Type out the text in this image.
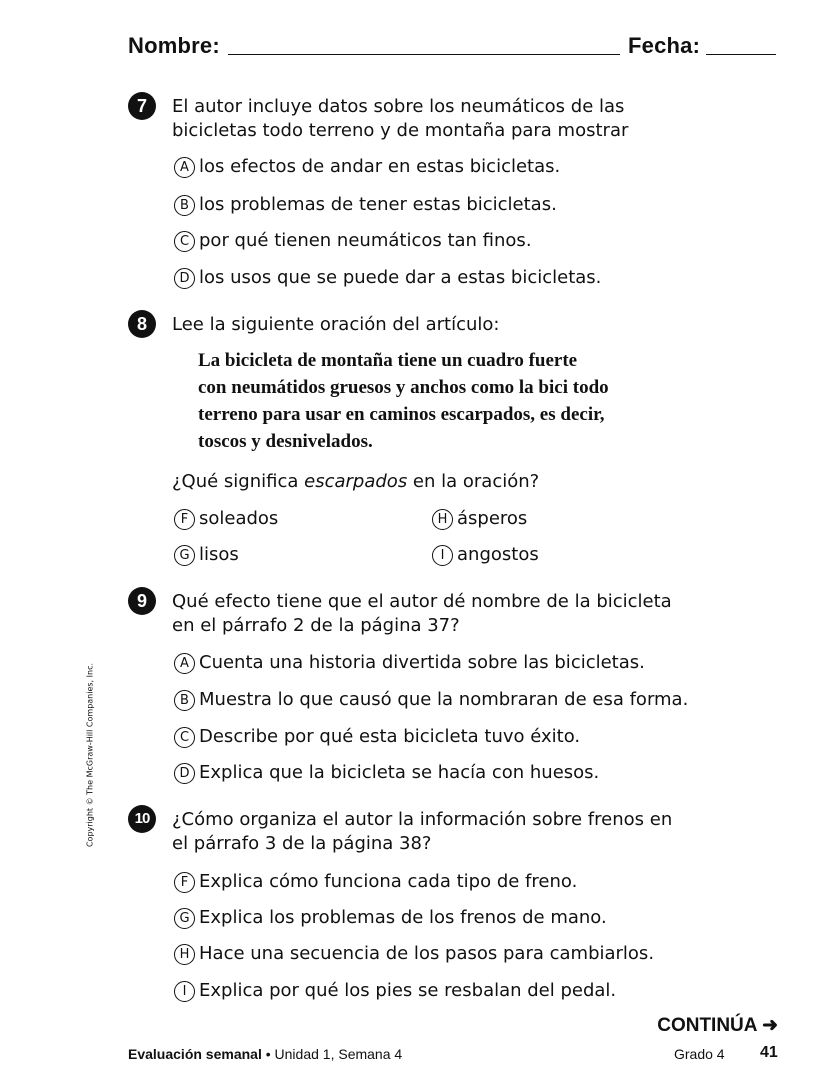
Nombre:	Fecha:
Copyright © The McGraw-Hill Companies, Inc.
7	El autor incluye datos sobre los neumáticos de las
bicicletas todo terreno y de montaña para mostrar
A los efectos de andar en estas bicicletas.
B los problemas de tener estas bicicletas.
C por qué tienen neumáticos tan finos.
D los usos que se puede dar a estas bicicletas.
8	Lee la siguiente oración del artículo:
La bicicleta de montaña tiene un cuadro fuerte
con neumátidos gruesos y anchos como la bici todo
terreno para usar en caminos escarpados, es decir,
toscos y desnivelados.
¿Qué significa escarpados en la oración?
F soleados
G lisos
H ásperos
I angostos
9	Qué efecto tiene que el autor dé nombre de la bicicleta
en el párrafo 2 de la página 37?
A Cuenta una historia divertida sobre las bicicletas.
B Muestra lo que causó que la nombraran de esa forma.
C Describe por qué esta bicicleta tuvo éxito.
D Explica que la bicicleta se hacía con huesos.
10	¿Cómo organiza el autor la información sobre frenos en
el párrafo 3 de la página 38?
F Explica cómo funciona cada tipo de freno.
G Explica los problemas de los frenos de mano.
H Hace una secuencia de los pasos para cambiarlos.
I Explica por qué los pies se resbalan del pedal.
CONTINÚA ➜
Evaluación semanal • Unidad 1, Semana 4	Grado 4 41
